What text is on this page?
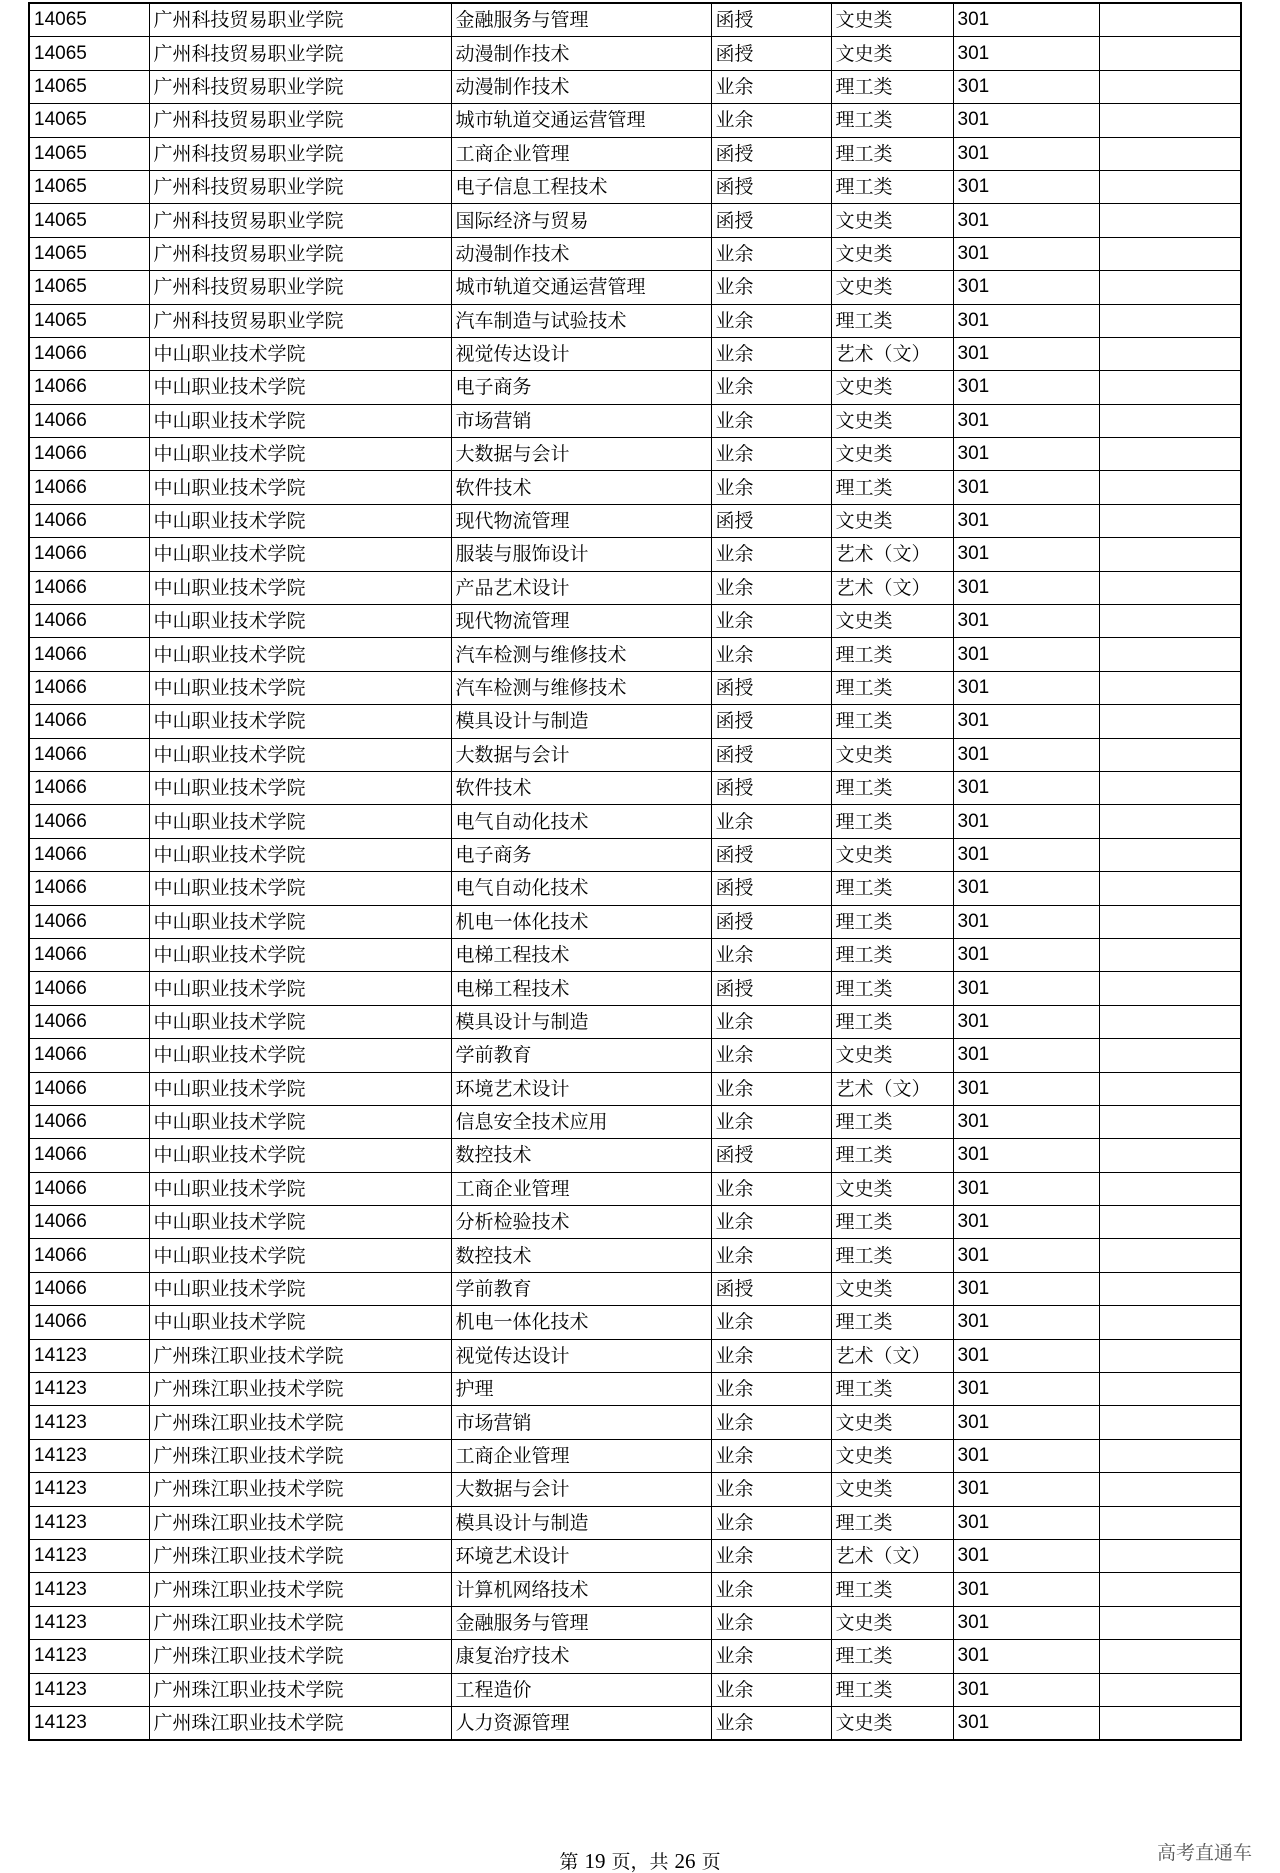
14065	广州科技贸易职业学院	金融服务与管理	函授	文史类	301	
14065	广州科技贸易职业学院	动漫制作技术	函授	文史类	301	
14065	广州科技贸易职业学院	动漫制作技术	业余	理工类	301	
14065	广州科技贸易职业学院	城市轨道交通运营管理	业余	理工类	301	
14065	广州科技贸易职业学院	工商企业管理	函授	理工类	301	
14065	广州科技贸易职业学院	电子信息工程技术	函授	理工类	301	
14065	广州科技贸易职业学院	国际经济与贸易	函授	文史类	301	
14065	广州科技贸易职业学院	动漫制作技术	业余	文史类	301	
14065	广州科技贸易职业学院	城市轨道交通运营管理	业余	文史类	301	
14065	广州科技贸易职业学院	汽车制造与试验技术	业余	理工类	301	
14066	中山职业技术学院	视觉传达设计	业余	艺术（文）	301	
14066	中山职业技术学院	电子商务	业余	文史类	301	
14066	中山职业技术学院	市场营销	业余	文史类	301	
14066	中山职业技术学院	大数据与会计	业余	文史类	301	
14066	中山职业技术学院	软件技术	业余	理工类	301	
14066	中山职业技术学院	现代物流管理	函授	文史类	301	
14066	中山职业技术学院	服装与服饰设计	业余	艺术（文）	301	
14066	中山职业技术学院	产品艺术设计	业余	艺术（文）	301	
14066	中山职业技术学院	现代物流管理	业余	文史类	301	
14066	中山职业技术学院	汽车检测与维修技术	业余	理工类	301	
14066	中山职业技术学院	汽车检测与维修技术	函授	理工类	301	
14066	中山职业技术学院	模具设计与制造	函授	理工类	301	
14066	中山职业技术学院	大数据与会计	函授	文史类	301	
14066	中山职业技术学院	软件技术	函授	理工类	301	
14066	中山职业技术学院	电气自动化技术	业余	理工类	301	
14066	中山职业技术学院	电子商务	函授	文史类	301	
14066	中山职业技术学院	电气自动化技术	函授	理工类	301	
14066	中山职业技术学院	机电一体化技术	函授	理工类	301	
14066	中山职业技术学院	电梯工程技术	业余	理工类	301	
14066	中山职业技术学院	电梯工程技术	函授	理工类	301	
14066	中山职业技术学院	模具设计与制造	业余	理工类	301	
14066	中山职业技术学院	学前教育	业余	文史类	301	
14066	中山职业技术学院	环境艺术设计	业余	艺术（文）	301	
14066	中山职业技术学院	信息安全技术应用	业余	理工类	301	
14066	中山职业技术学院	数控技术	函授	理工类	301	
14066	中山职业技术学院	工商企业管理	业余	文史类	301	
14066	中山职业技术学院	分析检验技术	业余	理工类	301	
14066	中山职业技术学院	数控技术	业余	理工类	301	
14066	中山职业技术学院	学前教育	函授	文史类	301	
14066	中山职业技术学院	机电一体化技术	业余	理工类	301	
14123	广州珠江职业技术学院	视觉传达设计	业余	艺术（文）	301	
14123	广州珠江职业技术学院	护理	业余	理工类	301	
14123	广州珠江职业技术学院	市场营销	业余	文史类	301	
14123	广州珠江职业技术学院	工商企业管理	业余	文史类	301	
14123	广州珠江职业技术学院	大数据与会计	业余	文史类	301	
14123	广州珠江职业技术学院	模具设计与制造	业余	理工类	301	
14123	广州珠江职业技术学院	环境艺术设计	业余	艺术（文）	301	
14123	广州珠江职业技术学院	计算机网络技术	业余	理工类	301	
14123	广州珠江职业技术学院	金融服务与管理	业余	文史类	301	
14123	广州珠江职业技术学院	康复治疗技术	业余	理工类	301	
14123	广州珠江职业技术学院	工程造价	业余	理工类	301	
14123	广州珠江职业技术学院	人力资源管理	业余	文史类	301	
第 19 页，共 26 页	高考直通车
